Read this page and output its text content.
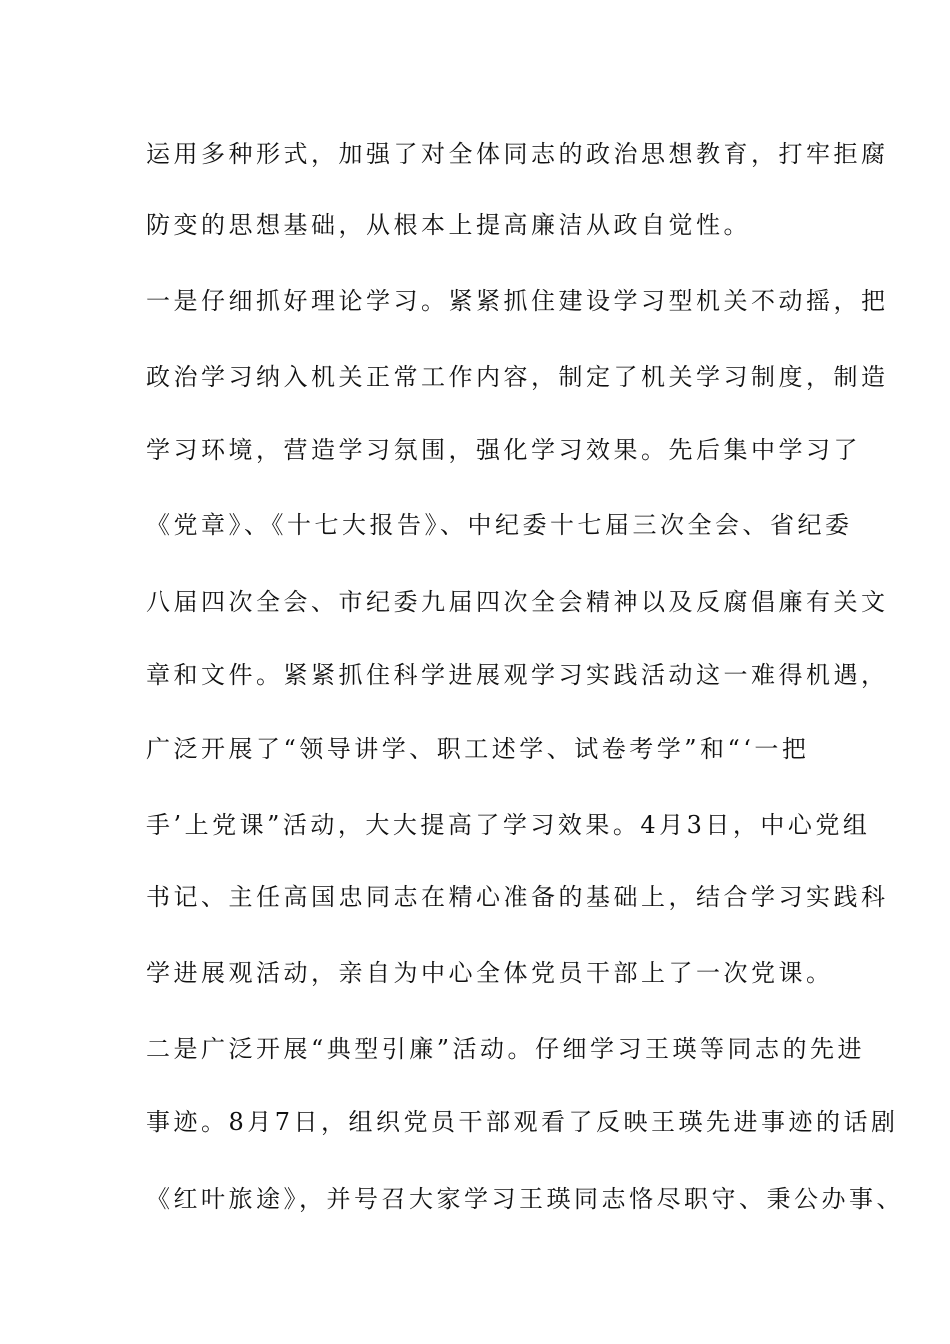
运用多种形式，加强了对全体同志的政治思想教育，打牢拒腐

防变的思想基础，从根本上提高廉洁从政自觉性。

一是仔细抓好理论学习。紧紧抓住建设学习型机关不动摇，把

政治学习纳入机关正常工作内容，制定了机关学习制度，制造

学习环境，营造学习氛围，强化学习效果。先后集中学习了

《党章》、《十七大报告》、中纪委十七届三次全会、省纪委

八届四次全会、市纪委九届四次全会精神以及反腐倡廉有关文

章和文件。紧紧抓住科学进展观学习实践活动这一难得机遇，

广泛开展了“领导讲学、职工述学、试卷考学”和“‘一把

手’上党课”活动，大大提高了学习效果。4月3日，中心党组

书记、主任高国忠同志在精心准备的基础上，结合学习实践科

学进展观活动，亲自为中心全体党员干部上了一次党课。

二是广泛开展“典型引廉”活动。仔细学习王瑛等同志的先进

事迹。8月7日，组织党员干部观看了反映王瑛先进事迹的话剧

《红叶旅途》，并号召大家学习王瑛同志恪尽职守、秉公办事、
